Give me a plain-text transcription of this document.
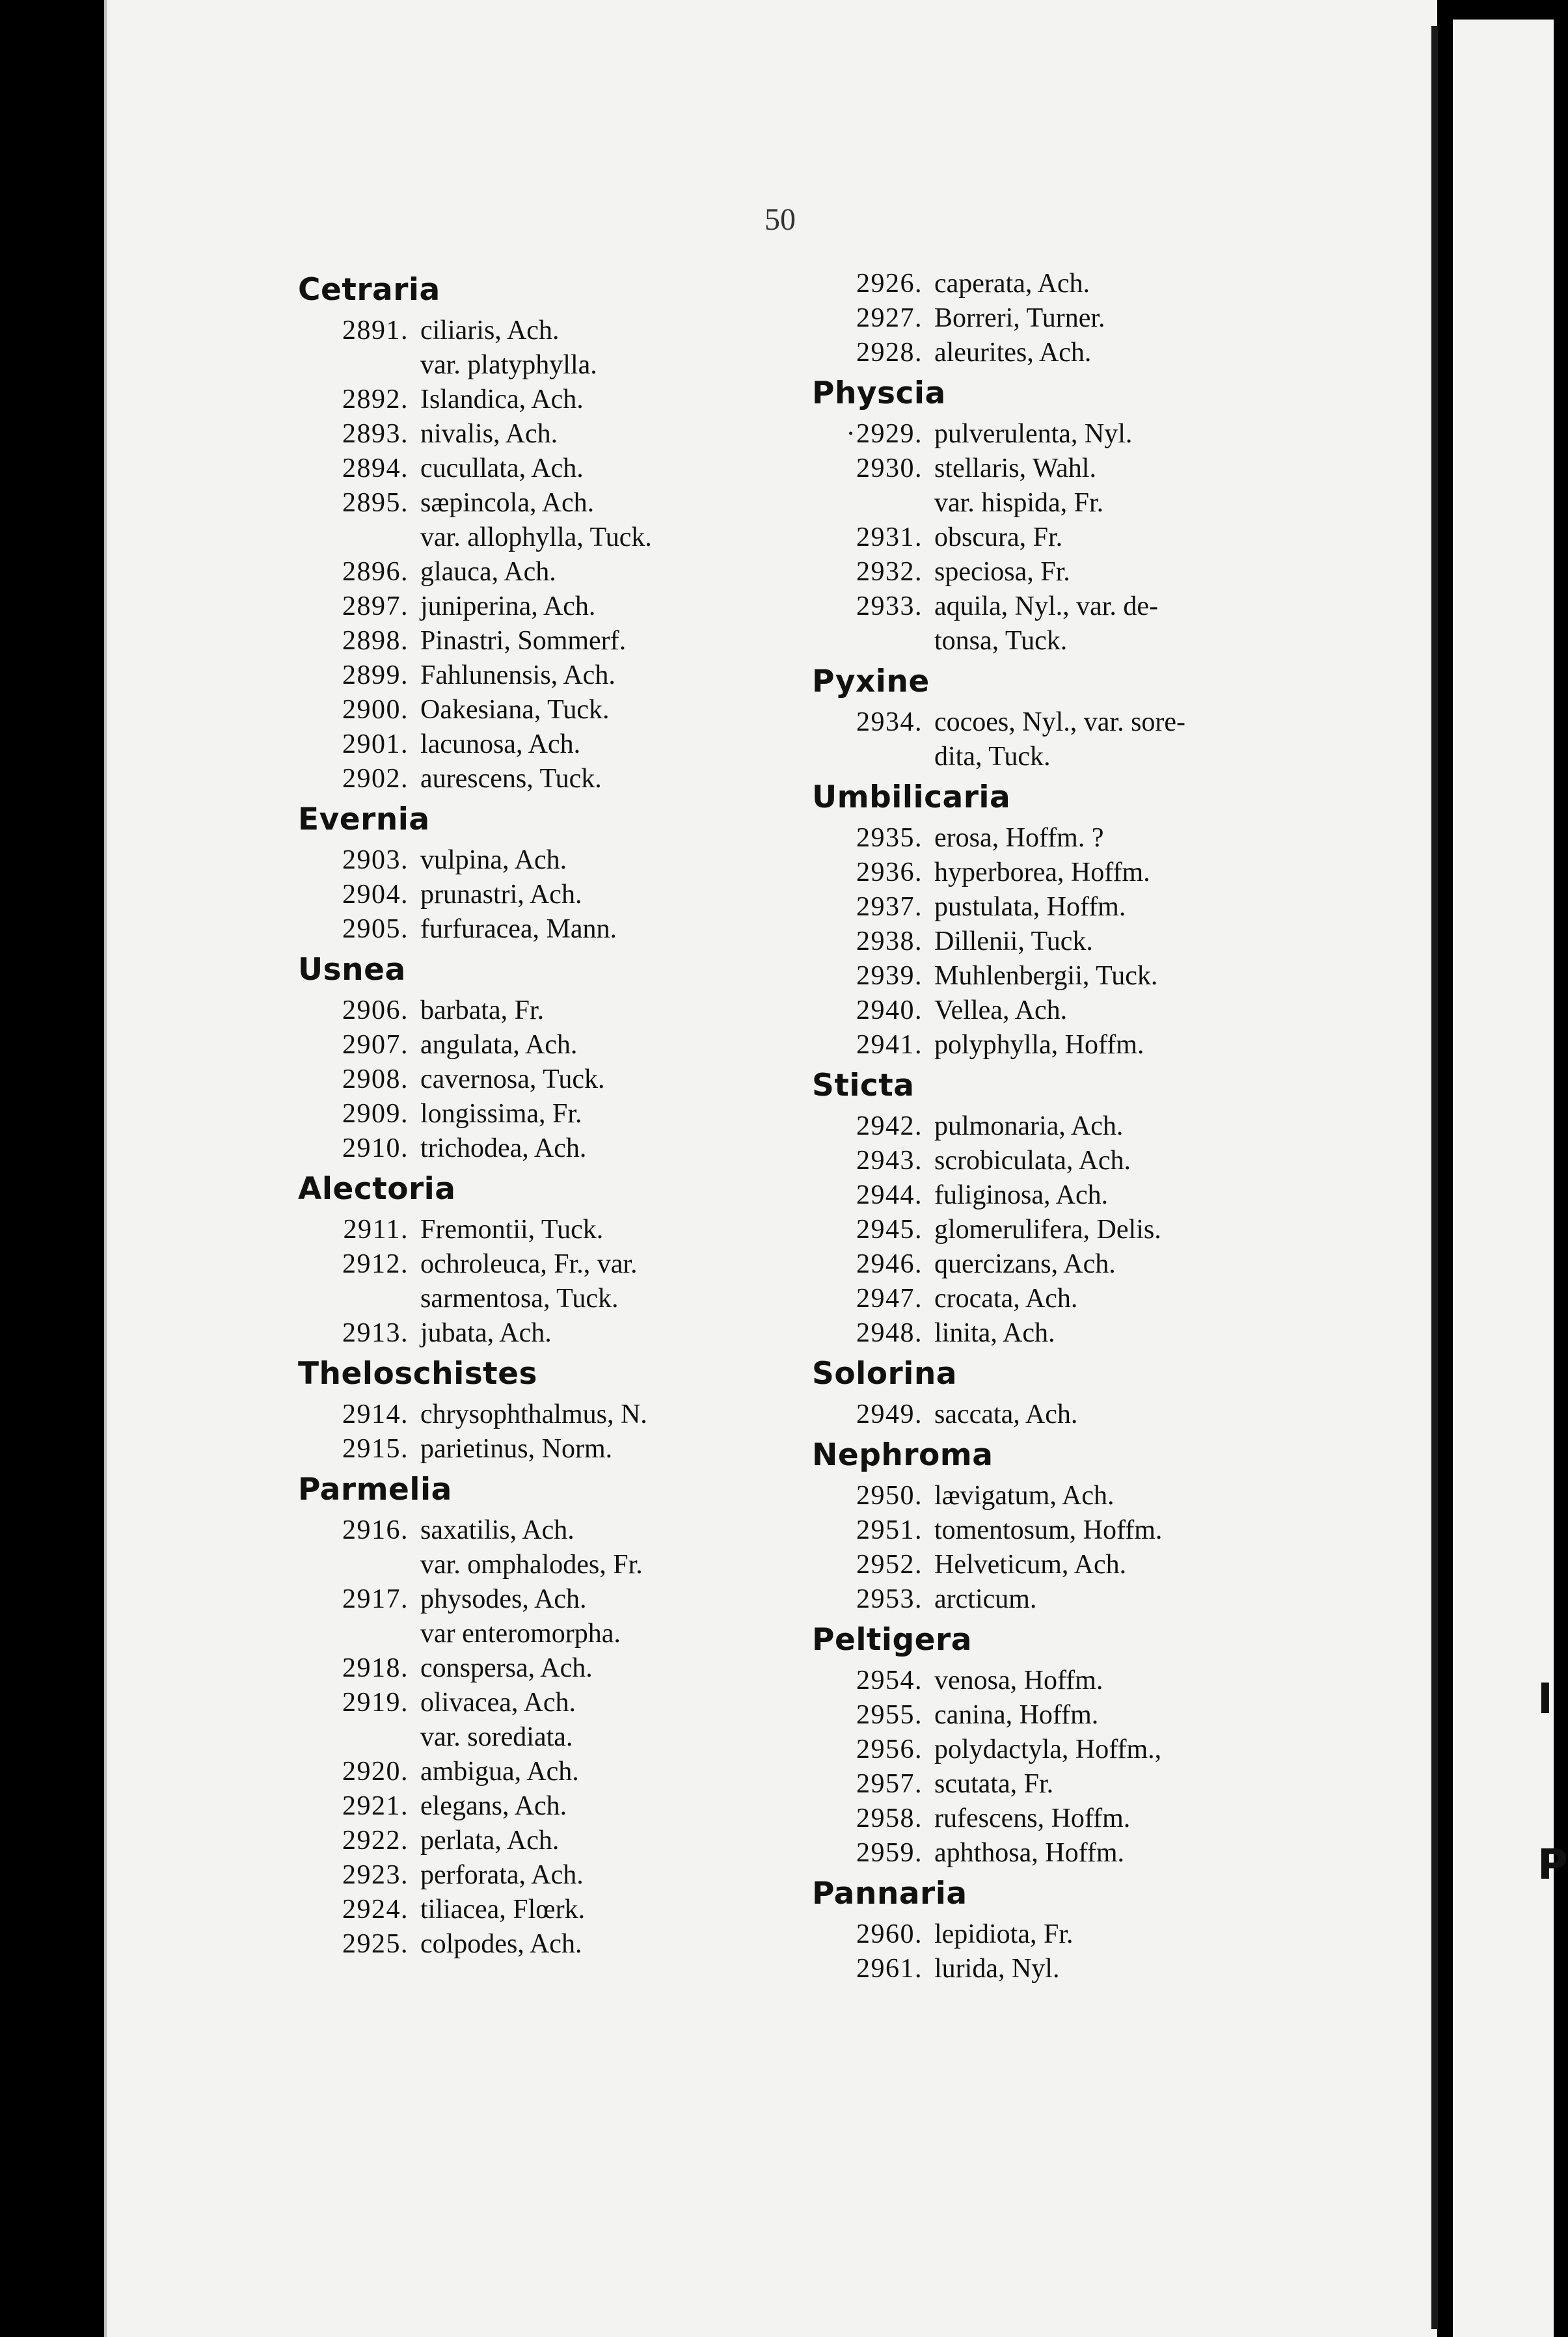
I
P
50
Cetraria
2891. ciliaris, Ach.
var. platyphylla.
2892. Islandica, Ach.
2893. nivalis, Ach.
2894. cucullata, Ach.
2895. sæpincola, Ach.
var. allophylla, Tuck.
2896. glauca, Ach.
2897. juniperina, Ach.
2898. Pinastri, Sommerf.
2899. Fahlunensis, Ach.
2900. Oakesiana, Tuck.
2901. lacunosa, Ach.
2902. aurescens, Tuck.
Evernia
2903. vulpina, Ach.
2904. prunastri, Ach.
2905. furfuracea, Mann.
Usnea
2906. barbata, Fr.
2907. angulata, Ach.
2908. cavernosa, Tuck.
2909. longissima, Fr.
2910. trichodea, Ach.
Alectoria
2911. Fremontii, Tuck.
2912. ochroleuca, Fr., var.
sarmentosa, Tuck.
2913. jubata, Ach.
Theloschistes
2914. chrysophthalmus, N.
2915. parietinus, Norm.
Parmelia
2916. saxatilis, Ach.
var. omphalodes, Fr.
2917. physodes, Ach.
var enteromorpha.
2918. conspersa, Ach.
2919. olivacea, Ach.
var. sorediata.
2920. ambigua, Ach.
2921. elegans, Ach.
2922. perlata, Ach.
2923. perforata, Ach.
2924. tiliacea, Flœrk.
2925. colpodes, Ach.
2926. caperata, Ach.
2927. Borreri, Turner.
2928. aleurites, Ach.
Physcia
·2929. pulverulenta, Nyl.
2930. stellaris, Wahl.
var. hispida, Fr.
2931. obscura, Fr.
2932. speciosa, Fr.
2933. aquila, Nyl., var. de-
tonsa, Tuck.
Pyxine
2934. cocoes, Nyl., var. sore-
dita, Tuck.
Umbilicaria
2935. erosa, Hoffm. ?
2936. hyperborea, Hoffm.
2937. pustulata, Hoffm.
2938. Dillenii, Tuck.
2939. Muhlenbergii, Tuck.
2940. Vellea, Ach.
2941. polyphylla, Hoffm.
Sticta
2942. pulmonaria, Ach.
2943. scrobiculata, Ach.
2944. fuliginosa, Ach.
2945. glomerulifera, Delis.
2946. quercizans, Ach.
2947. crocata, Ach.
2948. linita, Ach.
Solorina
2949. saccata, Ach.
Nephroma
2950. lævigatum, Ach.
2951. tomentosum, Hoffm.
2952. Helveticum, Ach.
2953. arcticum.
Peltigera
2954. venosa, Hoffm.
2955. canina, Hoffm.
2956. polydactyla, Hoffm.,
2957. scutata, Fr.
2958. rufescens, Hoffm.
2959. aphthosa, Hoffm.
Pannaria
2960. lepidiota, Fr.
2961. lurida, Nyl.
